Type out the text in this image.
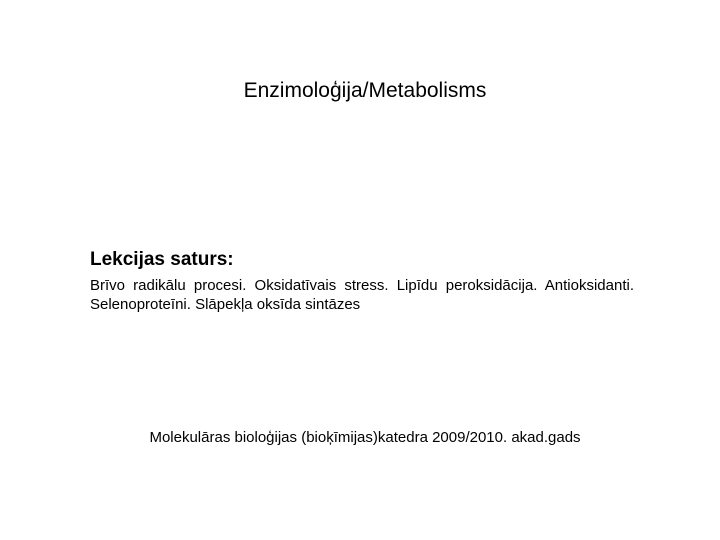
Enzimoloģija/Metabolisms
Lekcijas saturs:

Brīvo radikālu procesi. Oksidatīvais stress. Lipīdu peroksidācija. Antioksidanti. Selenoproteīni. Slāpekļa oksīda sintāzes

Molekulāras bioloģijas (bioķīmijas)katedra 2009/2010. akad.gads
